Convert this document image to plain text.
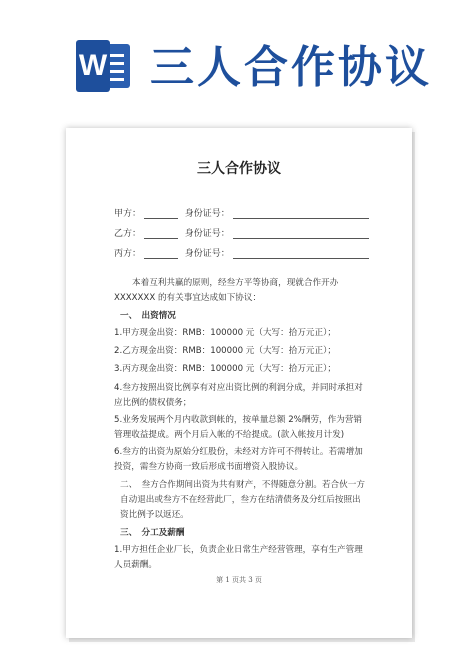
W 三人合作协议
三人合作协议
甲方：	身份证号：
乙方：	身份证号：
丙方：	身份证号：
本着互利共赢的原则，经叁方平等协商，现就合作开办 XXXXXXX 的有关事宜达成如下协议：
一、　出资情况
1.甲方现金出资：RMB：100000 元（大写：拾万元正）；
2.乙方现金出资：RMB：100000 元（大写：拾万元正）；
3.丙方现金出资：RMB：100000 元（大写：拾万元正）；
4.叁方按照出资比例享有对应出资比例的利润分成，并同时承担对应比例的债权债务；
5.业务发展两个月内收款到帐的，按单量总额 2%酬劳，作为营销管理收益提成。两个月后入帐的不给提成。(款入帐按月计发)
6.叁方的出资为原始分红股份，未经对方许可不得转让。若需增加投资，需叁方协商一致后形成书面增资入股协议。
二、　叁方合作期间出资为共有财产，不得随意分割。若合伙一方自动退出或叁方不在经营此厂，叁方在结清债务及分红后按照出资比例予以返还。
三、　分工及薪酬
1.甲方担任企业厂长，负责企业日常生产经营管理，享有生产管理人员薪酬。
第 1 页共 3 页
